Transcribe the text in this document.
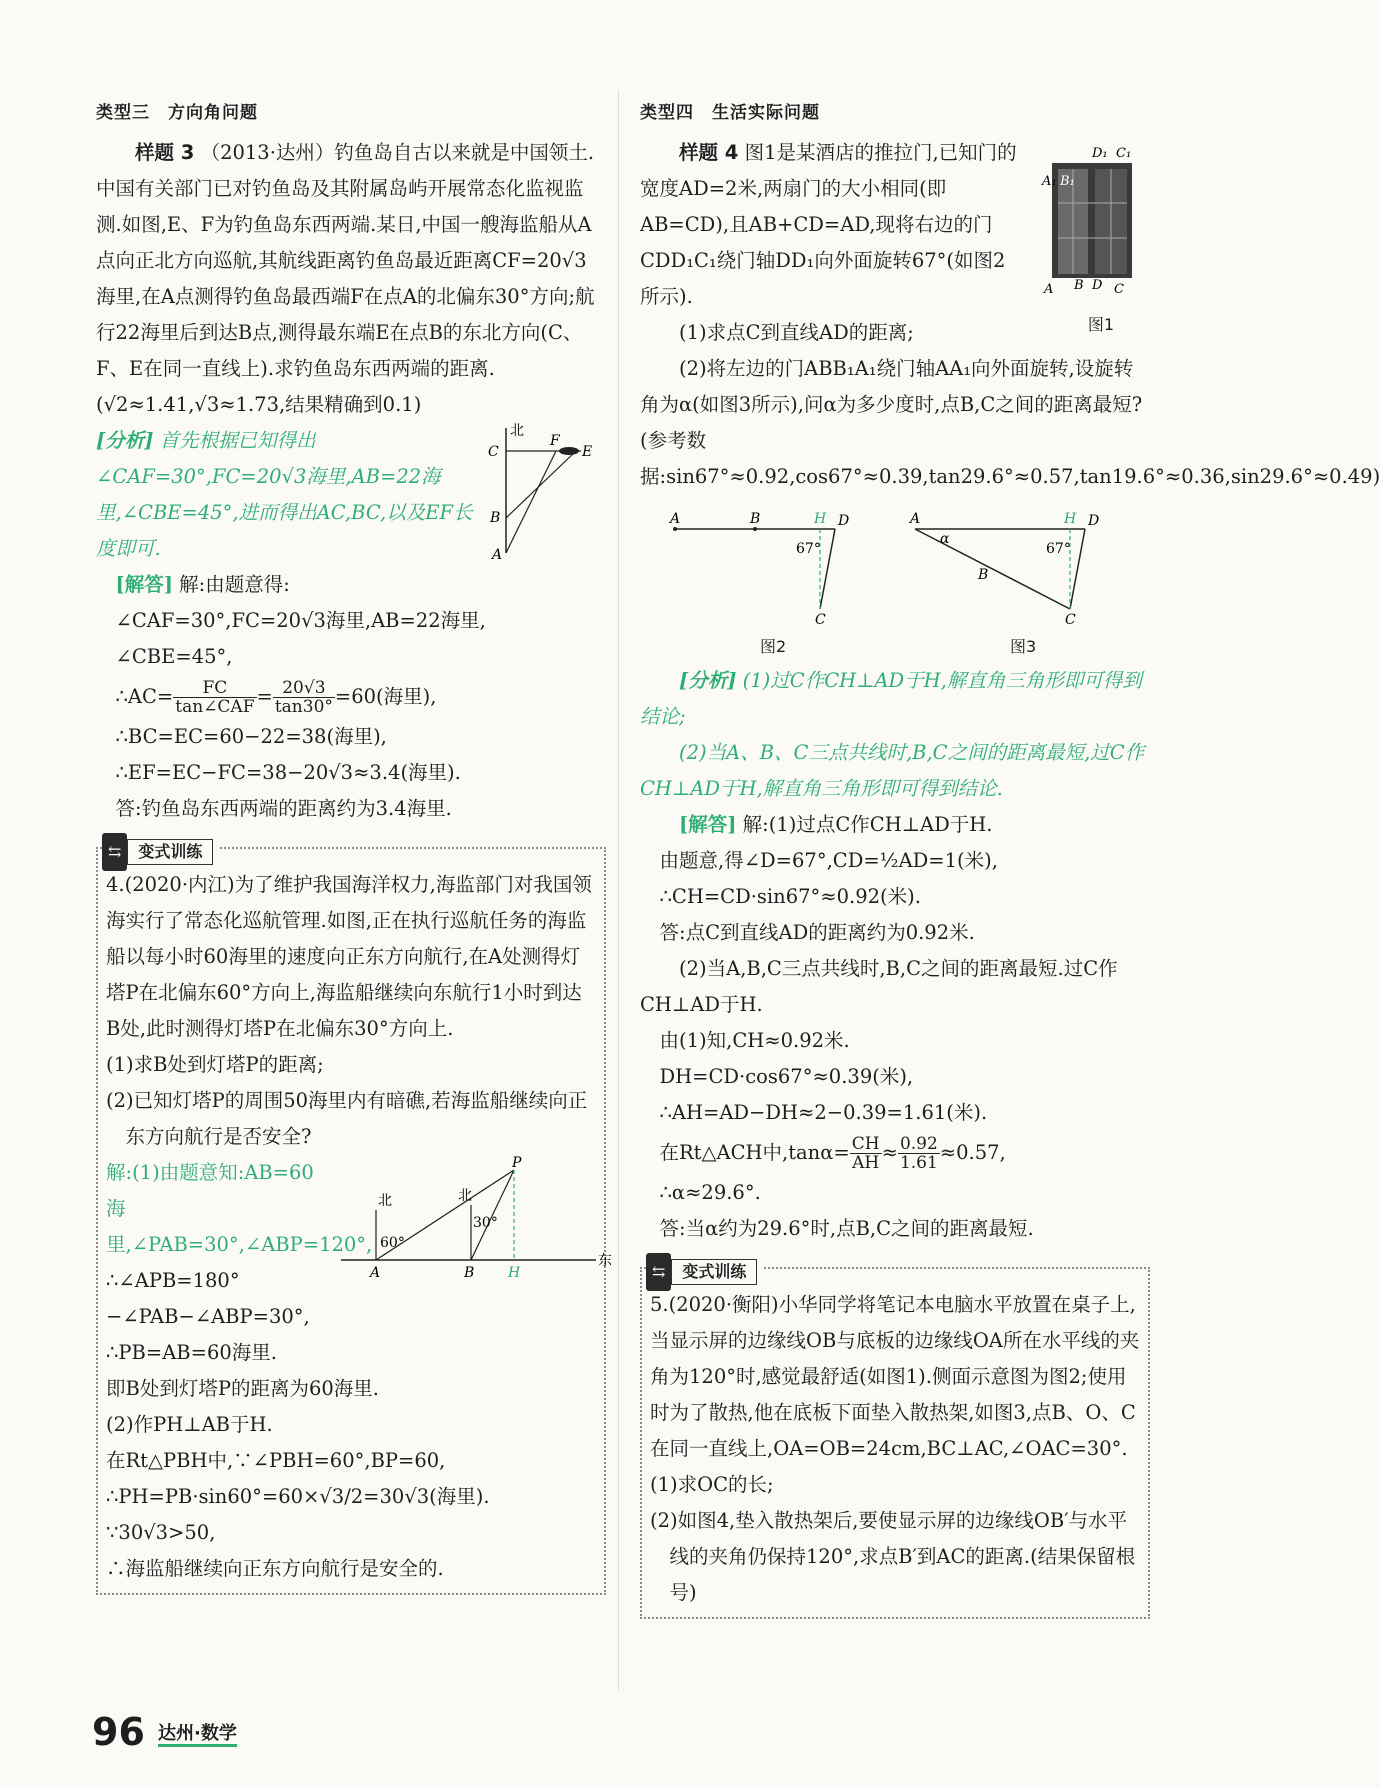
类型三　方向角问题

样题 3 （2013·达州）钓鱼岛自古以来就是中国领土.中国有关部门已对钓鱼岛及其附属岛屿开展常态化监视监测.如图,E、F为钓鱼岛东西两端.某日,中国一艘海监船从A点向正北方向巡航,其航线距离钓鱼岛最近距离CF=20√3海里,在A点测得钓鱼岛最西端F在点A的北偏东30°方向;航行22海里后到达B点,测得最东端E在点B的东北方向(C、F、E在同一直线上).求钓鱼岛东西两端的距离.(√2≈1.41,√3≈1.73,结果精确到0.1)

[分析] 首先根据已知得出∠CAF=30°,FC=20√3海里,AB=22海里,∠CBE=45°,进而得出AC,BC,以及EF长度即可.

北
C
F
E
B
A

[解答] 解:由题意得:

∠CAF=30°,FC=20√3海里,AB=22海里,

∠CBE=45°,

∴AC= $\frac{FC}{\text{tan∠CAF}} = \frac{20√3}{\tan 30^\circ} =60$(海里),

∴BC=EC=60−22=38(海里),

∴EF=EC−FC=38−20√3≈3.4(海里).

答:钓鱼岛东西两端的距离约为3.4海里.

⇆ 变式训练

4.(2020·内江)为了维护我国海洋权力,海监部门对我国领海实行了常态化巡航管理.如图,正在执行巡航任务的海监船以每小时60海里的速度向正东方向航行,在A处测得灯塔P在北偏东60°方向上,海监船继续向东航行1小时到达B处,此时测得灯塔P在北偏东30°方向上.

(1)求B处到灯塔P的距离;

(2)已知灯塔P的周围50海里内有暗礁,若海监船继续向正东方向航行是否安全?

解:(1)由题意知:AB=60海里,∠PAB=30°,∠ABP=120°,

∴∠APB=180°−∠PAB−∠ABP=30°,

∴PB=AB=60海里.

北	北
东
A	B H
P
60°
30°

即B处到灯塔P的距离为60海里.

(2)作PH⊥AB于H.

在Rt△PBH中,∵∠PBH=60°,BP=60,

∴PH=PB·sin60°=60×√3/2=30√3(海里).

∵30√3>50,

∴海监船继续向正东方向航行是安全的.

类型四　生活实际问题

样题 4 图1是某酒店的推拉门,已知门的宽度AD=2米,两扇门的大小相同(即AB=CD),且AB+CD=AD,现将右边的门CDD₁C₁绕门轴DD₁向外面旋转67°(如图2所示).

D₁ C₁
A₁ B₁
A B D C
图1

(1)求点C到直线AD的距离;

(2)将左边的门ABB₁A₁绕门轴AA₁向外面旋转,设旋转角为α(如图3所示),问α为多少度时,点B,C之间的距离最短?(参考数据:sin67°≈0.92,cos67°≈0.39,tan29.6°≈0.57,tan19.6°≈0.36,sin29.6°≈0.49)

A	B	H D
C
67°
A
α
B
H D
C
67°
图2	图3

[分析] (1)过C作CH⊥AD于H,解直角三角形即可得到结论;

(2)当A、B、C三点共线时,B,C之间的距离最短,过C作CH⊥AD于H,解直角三角形即可得到结论.

[解答] 解:(1)过点C作CH⊥AD于H.

由题意,得∠D=67°,CD=½AD=1(米),

∴CH=CD·sin67°≈0.92(米).

答:点C到直线AD的距离约为0.92米.

(2)当A,B,C三点共线时,B,C之间的距离最短.过C作CH⊥AD于H.

由(1)知,CH≈0.92米.

DH=CD·cos67°≈0.39(米),

∴AH=AD−DH≈2−0.39=1.61(米).

在Rt△ACH中$,\tan\alpha= \frac{CH}{AH} \approx \frac{0.92}{1.61} \approx 0.57$,

∴α≈29.6°.

答:当α约为29.6°时,点B,C之间的距离最短.

⇆ 变式训练

5.(2020·衡阳)小华同学将笔记本电脑水平放置在桌子上,当显示屏的边缘线OB与底板的边缘线OA所在水平线的夹角为120°时,感觉最舒适(如图1).侧面示意图为图2;使用时为了散热,他在底板下面垫入散热架,如图3,点B、O、C在同一直线上,OA=OB=24cm,BC⊥AC,∠OAC=30°.

(1)求OC的长;

(2)如图4,垫入散热架后,要使显示屏的边缘线OB′与水平线的夹角仍保持120°,求点B′到AC的距离.(结果保留根号)

96 达州·数学
